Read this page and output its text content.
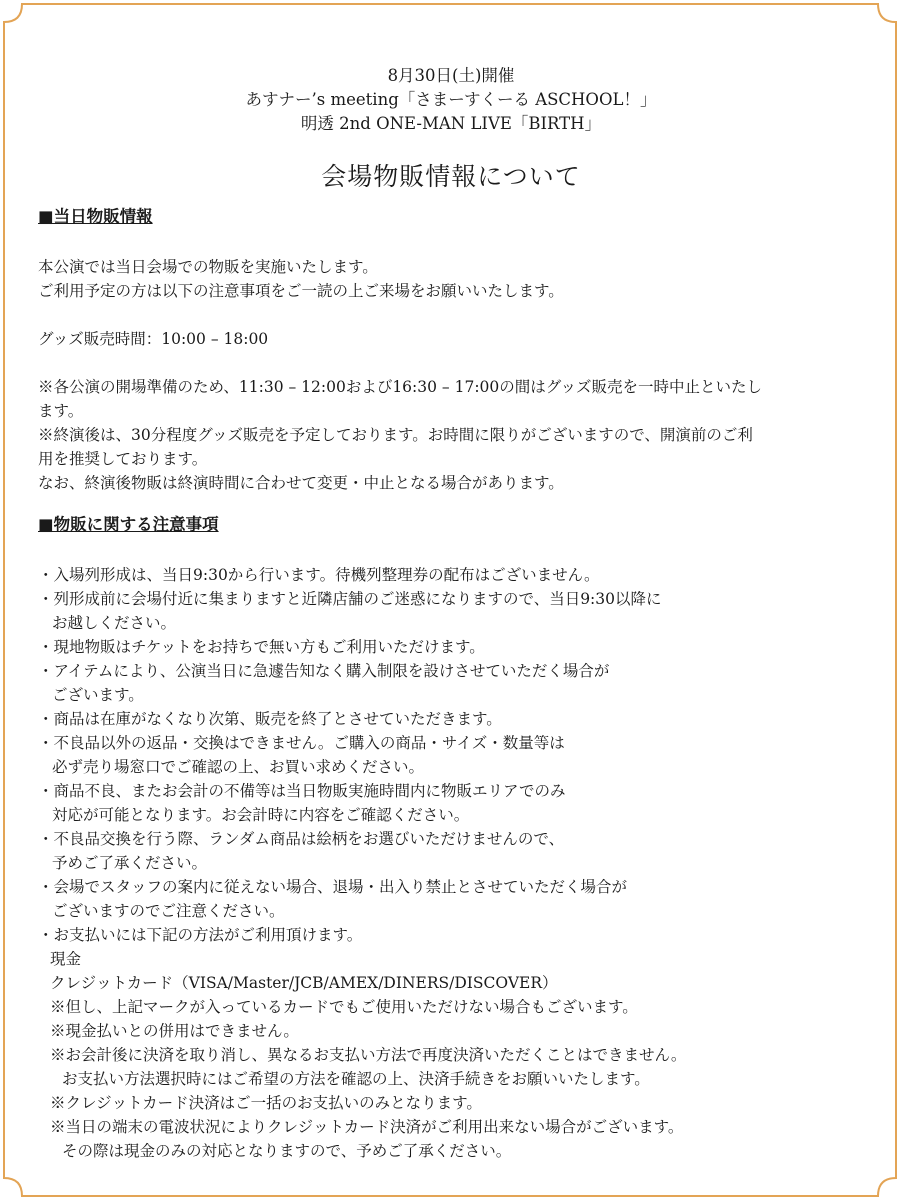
8月30日(土)開催
あすナー’s meeting「さまーすくーる ASCHOOL！」
明透 2nd ONE-MAN LIVE「BIRTH」
会場物販情報について
■当日物販情報

本公演では当日会場での物販を実施いたします。

ご利用予定の方は以下の注意事項をご一読の上ご来場をお願いいたします。

グッズ販売時間：10:00 – 18:00

※各公演の開場準備のため、11:30 – 12:00および16:30 – 17:00の間はグッズ販売を一時中止といたし

ます。

※終演後は、30分程度グッズ販売を予定しております。お時間に限りがございますので、開演前のご利

用を推奨しております。

なお、終演後物販は終演時間に合わせて変更・中止となる場合があります。

■物販に関する注意事項
・入場列形成は、当日9:30から行います。待機列整理券の配布はございません。
・列形成前に会場付近に集まりますと近隣店舗のご迷惑になりますので、当日9:30以降に
お越しください。
・現地物販はチケットをお持ちで無い方もご利用いただけます。
・アイテムにより、公演当日に急遽告知なく購入制限を設けさせていただく場合が
ございます。
・商品は在庫がなくなり次第、販売を終了とさせていただきます。
・不良品以外の返品・交換はできません。ご購入の商品・サイズ・数量等は
必ず売り場窓口でご確認の上、お買い求めください。
・商品不良、またお会計の不備等は当日物販実施時間内に物販エリアでのみ
対応が可能となります。お会計時に内容をご確認ください。
・不良品交換を行う際、ランダム商品は絵柄をお選びいただけませんので、
予めご了承ください。
・会場でスタッフの案内に従えない場合、退場・出入り禁止とさせていただく場合が
ございますのでご注意ください。
・お支払いには下記の方法がご利用頂けます。
現金
クレジットカード（VISA/Master/JCB/AMEX/DINERS/DISCOVER）
※但し、上記マークが入っているカードでもご使用いただけない場合もございます。
※現金払いとの併用はできません。
※お会計後に決済を取り消し、異なるお支払い方法で再度決済いただくことはできません。
お支払い方法選択時にはご希望の方法を確認の上、決済手続きをお願いいたします。
※クレジットカード決済はご一括のお支払いのみとなります。
※当日の端末の電波状況によりクレジットカード決済がご利用出来ない場合がございます。
その際は現金のみの対応となりますので、予めご了承ください。
